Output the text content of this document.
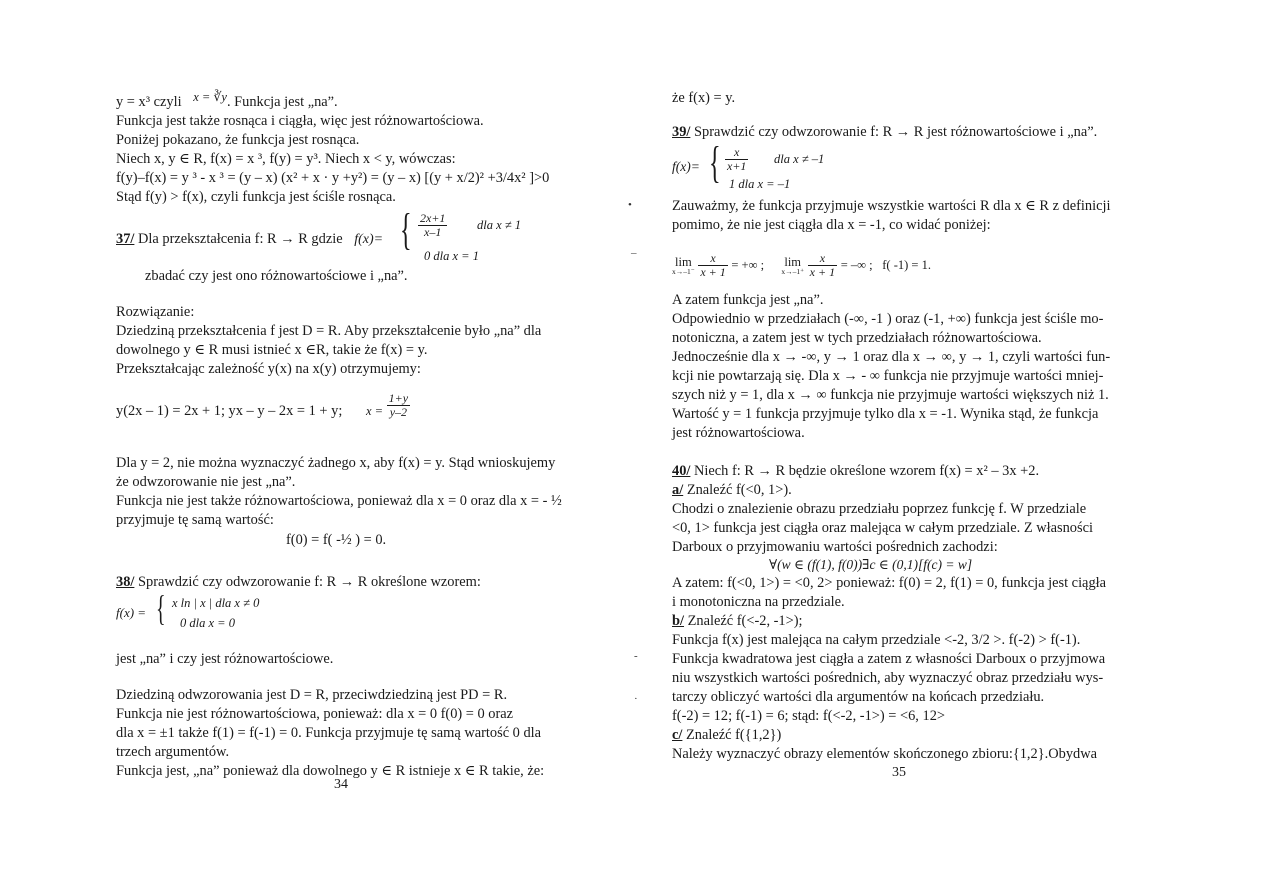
y = x³ czyli x = ∛y. Funkcja jest „na”.
Funkcja jest także rosnąca i ciągła, więc jest różnowartościowa.
Poniżej pokazano, że funkcja jest rosnąca.
Niech x, y ∈ R, f(x) = x ³, f(y) = y³. Niech x < y, wówczas:
f(y)–f(x) = y ³ - x ³ = (y – x) (x² + x · y +y²) = (y – x) [(y + x/2)² +3/4x² ]>0
Stąd f(y) > f(x), czyli funkcja jest ściśle rosnąca.
37/ Dla przekształcenia f: R → R gdzie f(x)= { $\frac{2x+1}{x-1}$ dla x ≠ 1
0 dla x = 1
zbadać czy jest ono różnowartościowe i „na”.
Rozwiązanie:
Dziedziną przekształcenia f jest D = R. Aby przekształcenie było „na” dla
dowolnego y ∈ R musi istnieć x ∈R, takie że f(x) = y.
Przekształcając zależność y(x) na x(y) otrzymujemy:
y(2x – 1) = 2x + 1; yx – y – 2x = 1 + y; $x = \frac{1+y}{y-2}$
Dla y = 2, nie można wyznaczyć żadnego x, aby f(x) = y. Stąd wnioskujemy
że odwzorowanie nie jest „na”.
Funkcja nie jest także różnowartościowa, ponieważ dla x = 0 oraz dla x = - ½
przyjmuje tę samą wartość:
f(0) = f( -½ ) = 0.
38/ Sprawdzić czy odwzorowanie f: R → R określone wzorem:
f(x) = { x ln | x | dla x ≠ 0
0 dla x = 0
jest „na” i czy jest różnowartościowe.
Dziedziną odwzorowania jest D = R, przeciwdziedziną jest PD = R.
Funkcja nie jest różnowartościowa, ponieważ: dla x = 0 f(0) = 0 oraz
dla x = ±1 także f(1) = f(-1) = 0. Funkcja przyjmuje tę samą wartość 0 dla
trzech argumentów.
Funkcja jest, „na” ponieważ dla dowolnego y ∈ R istnieje x ∈ R takie, że:
34
•
–
-
·
że f(x) = y.
39/ Sprawdzić czy odwzorowanie f: R → R jest różnowartościowe i „na”.
f(x)= { $\frac{x}{x+1}$ dla x ≠ –1
1 dla x = –1
Zauważmy, że funkcja przyjmuje wszystkie wartości R dla x ∈ R z definicji
pomimo, że nie jest ciągła dla x = -1, co widać poniżej:
lim
x→–1⁻
$\frac{x}{x + 1}$ = +∞ ; lim
x→–1⁺
$\frac{x}{x + 1}$ = –∞ ; f( -1) = 1.
A zatem funkcja jest „na”.
Odpowiednio w przedziałach (-∞, -1 ) oraz (-1, +∞) funkcja jest ściśle mo-
notoniczna, a zatem jest w tych przedziałach różnowartościowa.
Jednocześnie dla x → -∞, y → 1 oraz dla x → ∞, y → 1, czyli wartości fun-
kcji nie powtarzają się. Dla x → - ∞ funkcja nie przyjmuje wartości mniej-
szych niż y = 1, dla x → ∞ funkcja nie przyjmuje wartości większych niż 1.
Wartość y = 1 funkcja przyjmuje tylko dla x = -1. Wynika stąd, że funkcja
jest różnowartościowa.
40/ Niech f: R → R będzie określone wzorem f(x) = x² – 3x +2.
a/ Znaleźć f(<0, 1>).
Chodzi o znalezienie obrazu przedziału poprzez funkcję f. W przedziale
<0, 1> funkcja jest ciągła oraz malejąca w całym przedziale. Z własności
Darboux o przyjmowaniu wartości pośrednich zachodzi:
∀(w ∈ (f(1), f(0))∃c ∈ (0,1)[f(c) = w]
A zatem: f(<0, 1>) = <0, 2> ponieważ: f(0) = 2, f(1) = 0, funkcja jest ciągła
i monotoniczna na przedziale.
b/ Znaleźć f(<-2, -1>);
Funkcja f(x) jest malejąca na całym przedziale <-2, 3/2 >. f(-2) > f(-1).
Funkcja kwadratowa jest ciągła a zatem z własności Darboux o przyjmowa
niu wszystkich wartości pośrednich, aby wyznaczyć obraz przedziału wys-
tarczy obliczyć wartości dla argumentów na końcach przedziału.
f(-2) = 12; f(-1) = 6; stąd: f(<-2, -1>) = <6, 12>
c/ Znaleźć f({1,2})
Należy wyznaczyć obrazy elementów skończonego zbioru:{1,2}.Obydwa
35
